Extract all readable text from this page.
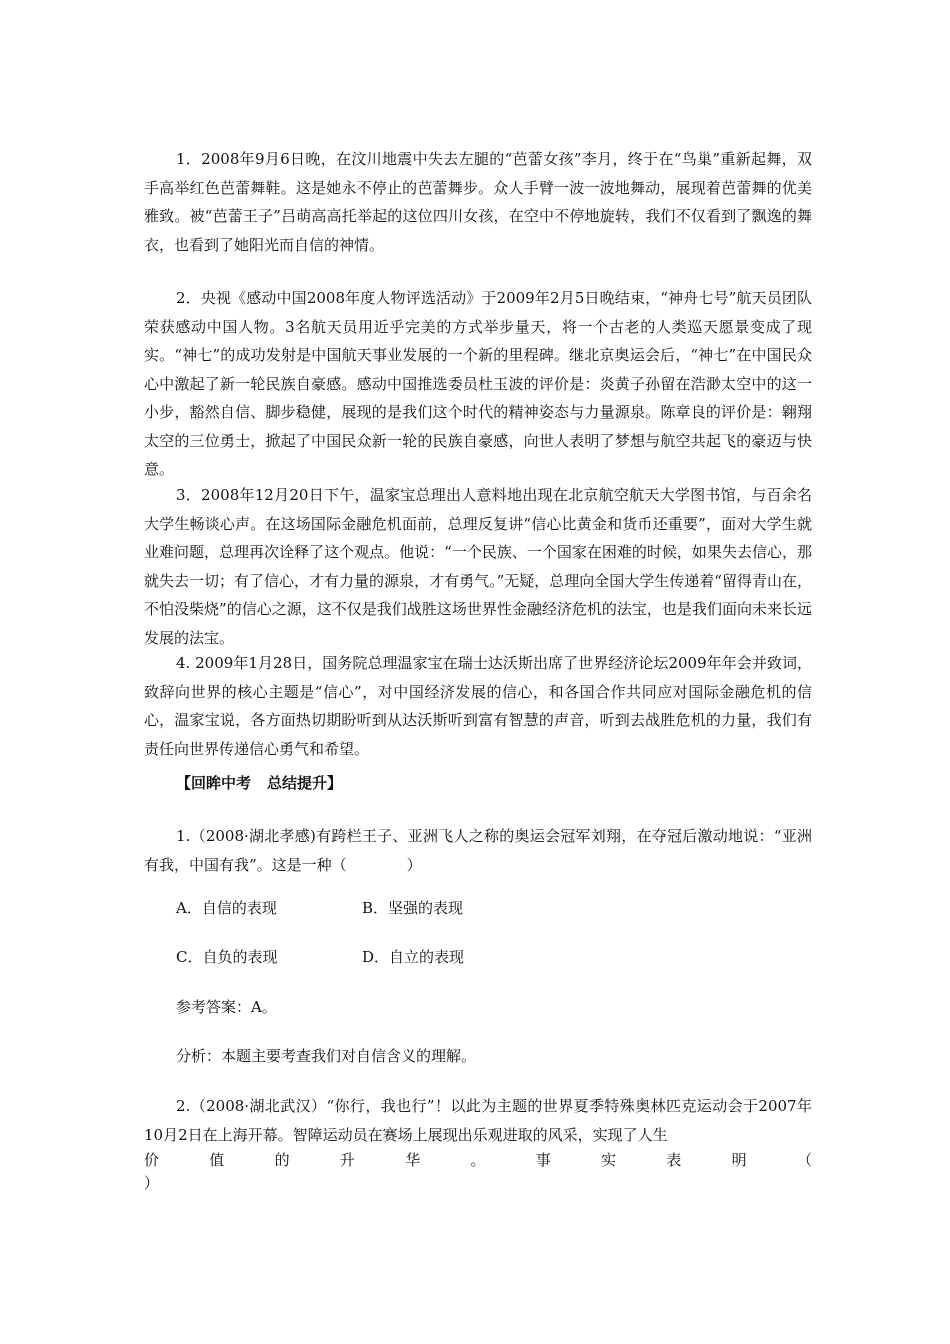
1．2008年9月6日晚，在汶川地震中失去左腿的“芭蕾女孩”李月，终于在“鸟巢”重新起舞，双手高举红色芭蕾舞鞋。这是她永不停止的芭蕾舞步。众人手臂一波一波地舞动，展现着芭蕾舞的优美雅致。被“芭蕾王子”吕萌高高托举起的这位四川女孩，在空中不停地旋转，我们不仅看到了飘逸的舞衣，也看到了她阳光而自信的神情。

2．央视《感动中国2008年度人物评选活动》于2009年2月5日晚结束，“神舟七号”航天员团队荣获感动中国人物。3名航天员用近乎完美的方式举步量天，将一个古老的人类巡天愿景变成了现实。“神七”的成功发射是中国航天事业发展的一个新的里程碑。继北京奥运会后，“神七”在中国民众心中激起了新一轮民族自豪感。感动中国推选委员杜玉波的评价是：炎黄子孙留在浩渺太空中的这一小步，豁然自信、脚步稳健，展现的是我们这个时代的精神姿态与力量源泉。陈章良的评价是：翱翔太空的三位勇士，掀起了中国民众新一轮的民族自豪感，向世人表明了梦想与航空共起飞的豪迈与快意。

3．2008年12月20日下午，温家宝总理出人意料地出现在北京航空航天大学图书馆，与百余名大学生畅谈心声。在这场国际金融危机面前，总理反复讲“信心比黄金和货币还重要”，面对大学生就业难问题，总理再次诠释了这个观点。他说：“一个民族、一个国家在困难的时候，如果失去信心，那就失去一切；有了信心，才有力量的源泉，才有勇气。”无疑，总理向全国大学生传递着“留得青山在，不怕没柴烧”的信心之源，这不仅是我们战胜这场世界性金融经济危机的法宝，也是我们面向未来长远发展的法宝。

4. 2009年1月28日，国务院总理温家宝在瑞士达沃斯出席了世界经济论坛2009年年会并致词，致辞向世界的核心主题是“信心”，对中国经济发展的信心，和各国合作共同应对国际金融危机的信心，温家宝说，各方面热切期盼听到从达沃斯听到富有智慧的声音，听到去战胜危机的力量，我们有责任向世界传递信心勇气和希望。

【回眸中考 总结提升】

1.（2008·湖北孝感)有跨栏王子、亚洲飞人之称的奥运会冠军刘翔，在夺冠后激动地说：“亚洲有我，中国有我”。这是一种（　　　　）

A．自信的表现	B．坚强的表现

C．自负的表现	D．自立的表现

参考答案：A。

分析：本题主要考查我们对自信含义的理解。

2.（2008·湖北武汉）“你行，我也行”！以此为主题的世界夏季特殊奥林匹克运动会于2007年10月2日在上海开幕。智障运动员在赛场上展现出乐观进取的风采，实现了人生

价	值	的	升	华	。	事	实	表	明	（

）
